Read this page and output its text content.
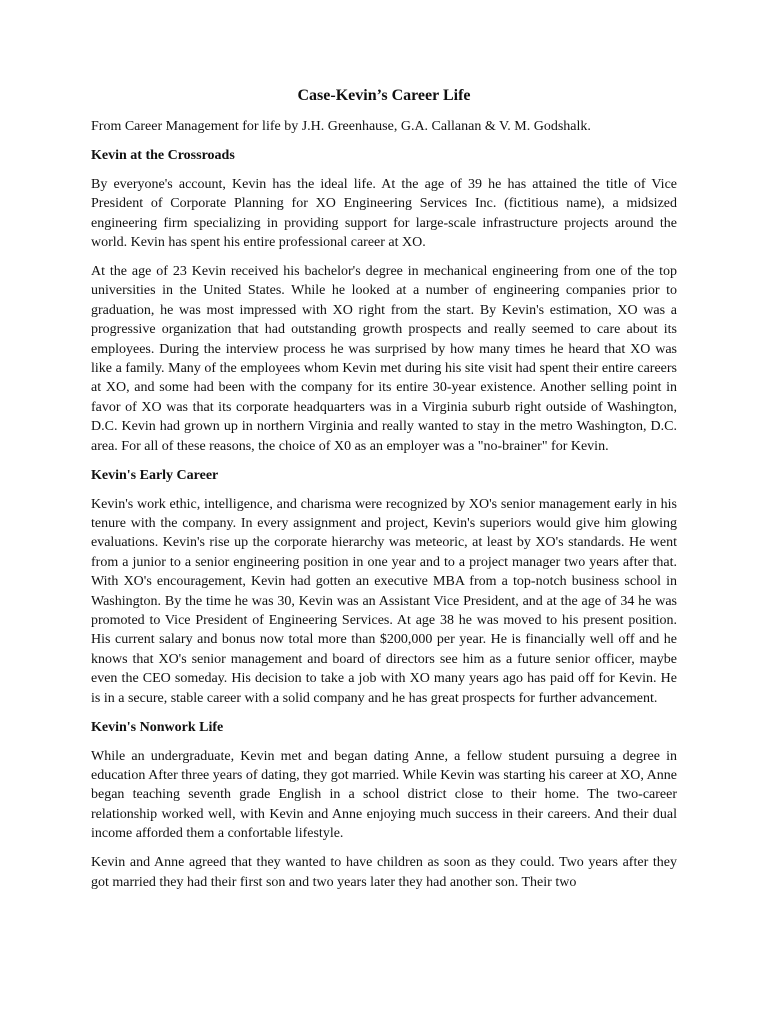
Case-Kevin’s Career Life
From Career Management for life by J.H. Greenhause, G.A. Callanan & V. M. Godshalk.
Kevin at the Crossroads
By everyone's account, Kevin has the ideal life. At the age of 39 he has attained the title of Vice President of Corporate Planning for XO Engineering Services Inc. (fictitious name), a midsized engineering firm specializing in providing support for large-scale infrastructure projects around the world. Kevin has spent his entire professional career at XO.
At the age of 23 Kevin received his bachelor's degree in mechanical engineering from one of the top universities in the United States. While he looked at a number of engineering companies prior to graduation, he was most impressed with XO right from the start. By Kevin's estimation, XO was a progressive organization that had outstanding growth prospects and really seemed to care about its employees. During the interview process he was surprised by how many times he heard that XO was like a family. Many of the employees whom Kevin met during his site visit had spent their entire careers at XO, and some had been with the company for its entire 30-year existence. Another selling point in favor of XO was that its corporate headquarters was in a Virginia suburb right outside of Washington, D.C. Kevin had grown up in northern Virginia and really wanted to stay in the metro Washington, D.C. area. For all of these reasons, the choice of X0 as an employer was a "no-brainer" for Kevin.
Kevin's Early Career
Kevin's work ethic, intelligence, and charisma were recognized by XO's senior management early in his tenure with the company. In every assignment and project, Kevin's superiors would give him glowing evaluations. Kevin's rise up the corporate hierarchy was meteoric, at least by XO's standards. He went from a junior to a senior engineering position in one year and to a project manager two years after that. With XO's encouragement, Kevin had gotten an executive MBA from a top-notch business school in Washington. By the time he was 30, Kevin was an Assistant Vice President, and at the age of 34 he was promoted to Vice President of Engineering Services. At age 38 he was moved to his present position. His current salary and bonus now total more than $200,000 per year. He is financially well off and he knows that XO's senior management and board of directors see him as a future senior officer, maybe even the CEO someday. His decision to take a job with XO many years ago has paid off for Kevin. He is in a secure, stable career with a solid company and he has great prospects for further advancement.
Kevin's Nonwork Life
While an undergraduate, Kevin met and began dating Anne, a fellow student pursuing a degree in education After three years of dating, they got married. While Kevin was starting his career at XO, Anne began teaching seventh grade English in a school district close to their home. The two-career relationship worked well, with Kevin and Anne enjoying much success in their careers. And their dual income afforded them a confortable lifestyle.
Kevin and Anne agreed that they wanted to have children as soon as they could. Two years after they got married they had their first son and two years later they had another son. Their two
